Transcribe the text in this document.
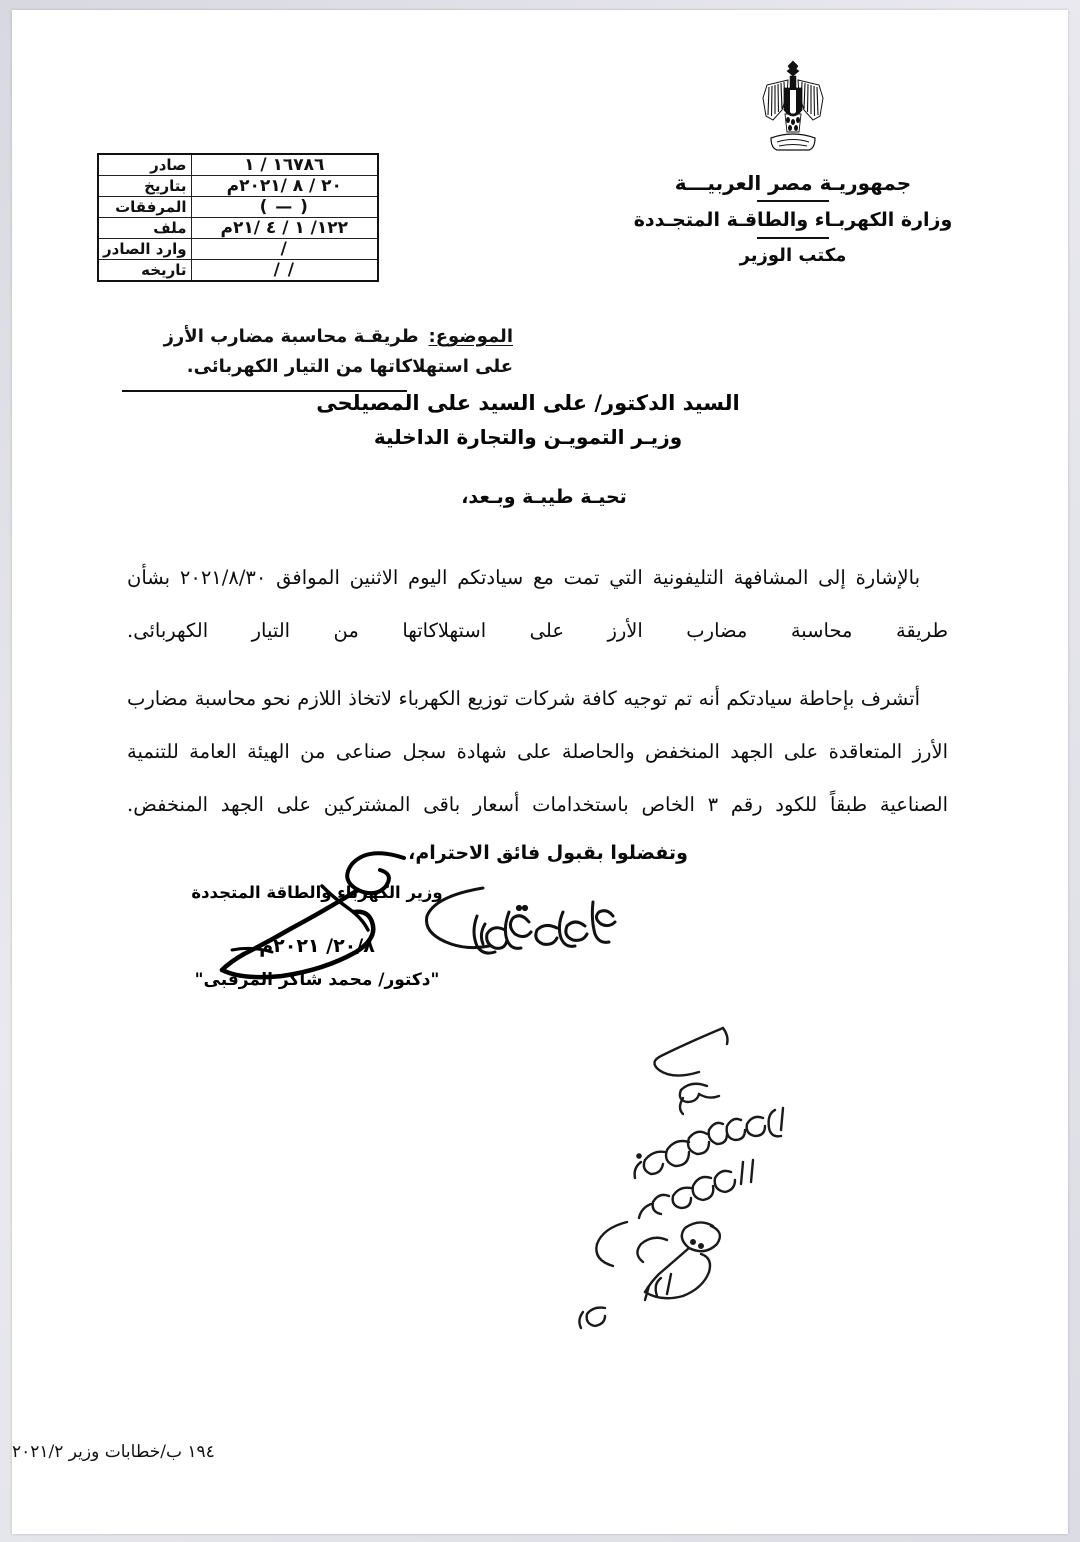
جمهوريـة مصر العربيـــة
وزارة الكهربـاء والطاقـة المتجـددة
مكتب الوزير
١٦٧٨٦ / ١	صادر
٢٠ / ٨ /٢٠٢١م	بتاريخ
( — )	المرفقات
١٢٢/ ١ / ٤ /٢١م	ملف
/	وارد الصادر
/ /	تاريخه
الموضوع:طريقـة محاسبة مضارب الأرز على استهلاكاتها من التيار الكهربائى.
السيد الدكتور/ على السيد على المصيلحى
وزيـر التمويـن والتجارة الداخلية
تحيـة طيبـة وبـعد،
بالإشارة إلى المشافهة التليفونية التي تمت مع سيادتكم اليوم الاثنين الموافق ٢٠٢١/٨/٣٠ بشأن طريقة محاسبة مضارب الأرز على استهلاكاتها من التيار الكهربائى.
أتشرف بإحاطة سيادتكم أنه تم توجيه كافة شركات توزيع الكهرباء لاتخاذ اللازم نحو محاسبة مضارب الأرز المتعاقدة على الجهد المنخفض والحاصلة على شهادة سجل صناعى من الهيئة العامة للتنمية الصناعية طبقاً للكود رقم ٣ الخاص باستخدامات أسعار باقى المشتركين على الجهد المنخفض.
وتفضلوا بقبول فائق الاحترام،
وزير الكهرباء والطاقة المتجددة
٢٠/٨/ ٢٠٢١م
"دكتور/ محمد شاكر المرقبى"
١٩٤ ب/خطابات وزير ٢٠٢١/٢
